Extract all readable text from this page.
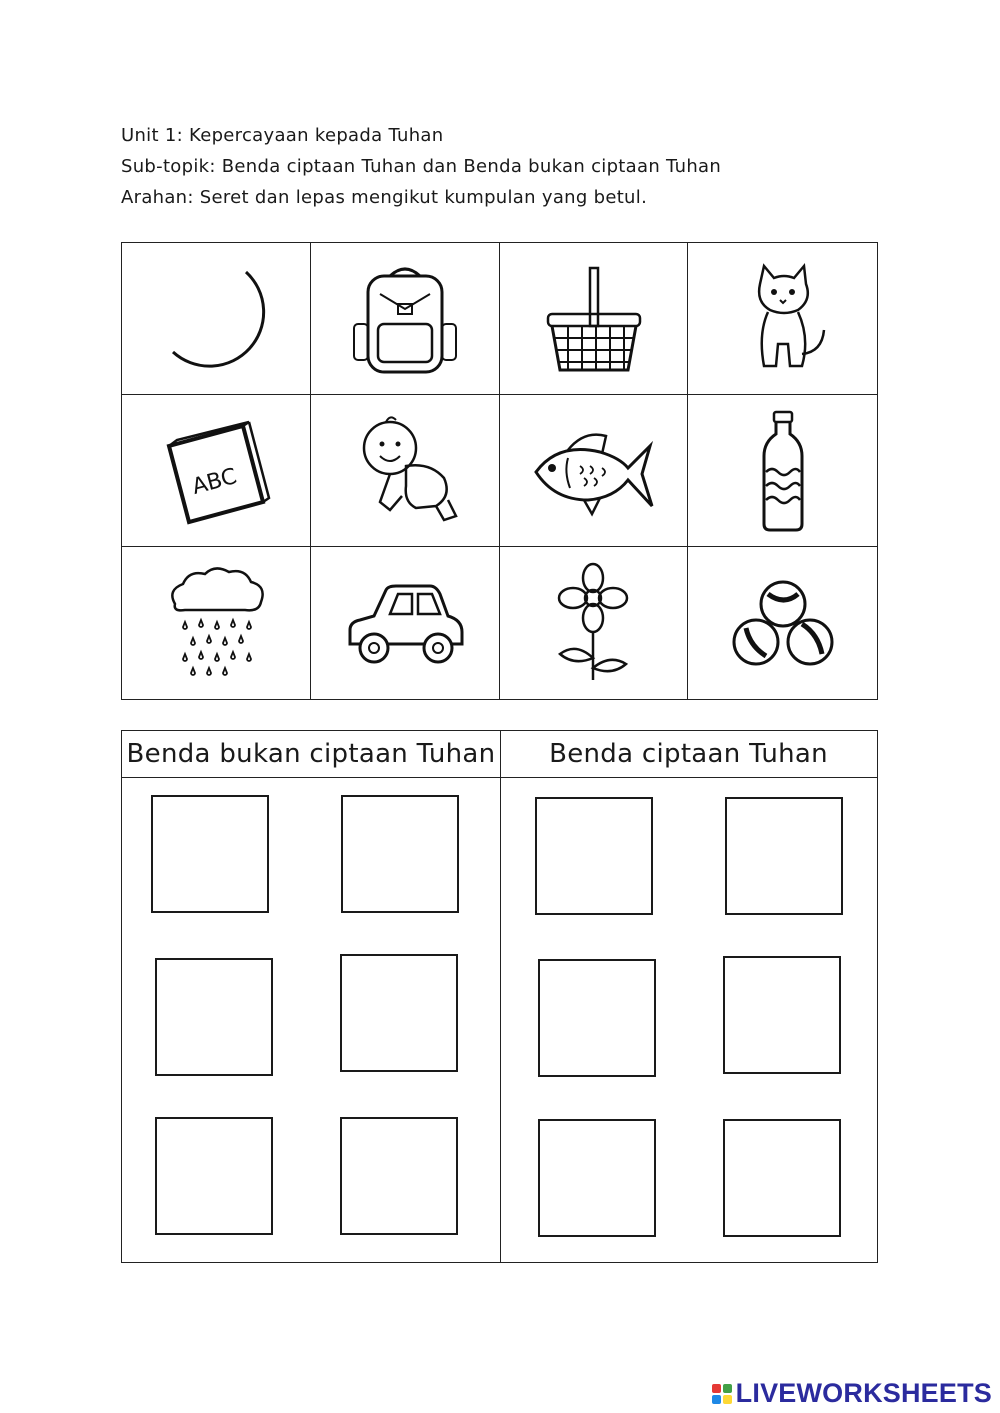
Unit 1: Kepercayaan kepada Tuhan
Sub-topik: Benda ciptaan Tuhan dan Benda bukan ciptaan Tuhan
Arahan: Seret dan lepas mengikut kumpulan yang betul.
ABC
Benda bukan ciptaan Tuhan	Benda ciptaan Tuhan
LIVEWORKSHEETS
